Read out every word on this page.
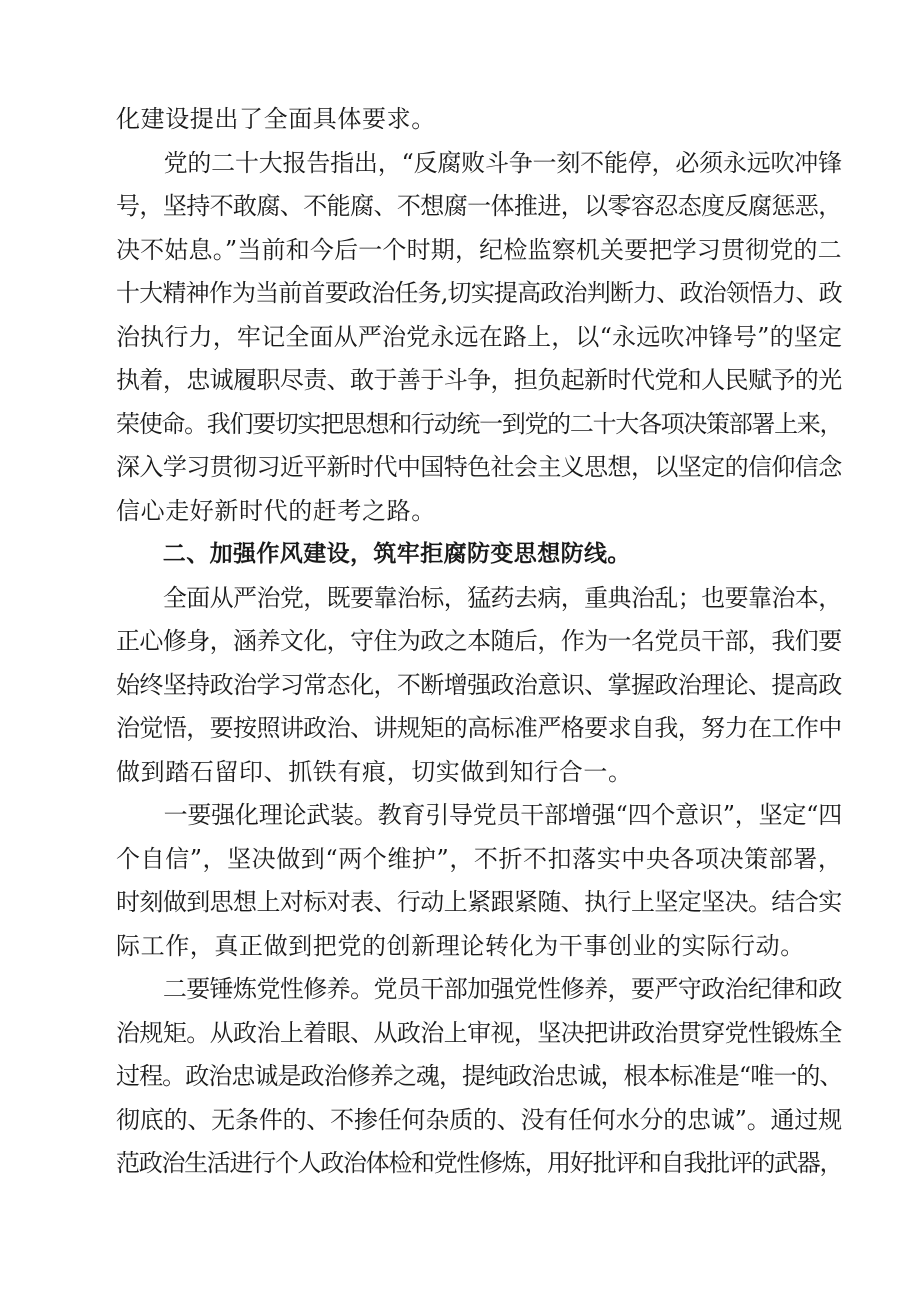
化建设提出了全面具体要求。
　　党的二十大报告指出，“反腐败斗争一刻不能停，必须永远吹冲锋
号，坚持不敢腐、不能腐、不想腐一体推进，以零容忍态度反腐惩恶，
决不姑息。”当前和今后一个时期，纪检监察机关要把学习贯彻党的二
十大精神作为当前首要政治任务,切实提高政治判断力、政治领悟力、政
治执行力，牢记全面从严治党永远在路上，以“永远吹冲锋号”的坚定
执着，忠诚履职尽责、敢于善于斗争，担负起新时代党和人民赋予的光
荣使命。我们要切实把思想和行动统一到党的二十大各项决策部署上来，
深入学习贯彻习近平新时代中国特色社会主义思想，以坚定的信仰信念
信心走好新时代的赶考之路。
　　二、加强作风建设，筑牢拒腐防变思想防线。
　　全面从严治党，既要靠治标，猛药去病，重典治乱；也要靠治本，
正心修身，涵养文化，守住为政之本随后，作为一名党员干部，我们要
始终坚持政治学习常态化，不断增强政治意识、掌握政治理论、提高政
治觉悟，要按照讲政治、讲规矩的高标准严格要求自我，努力在工作中
做到踏石留印、抓铁有痕，切实做到知行合一。
　　一要强化理论武装。教育引导党员干部增强“四个意识”，坚定“四
个自信”，坚决做到“两个维护”，不折不扣落实中央各项决策部署，
时刻做到思想上对标对表、行动上紧跟紧随、执行上坚定坚决。结合实
际工作，真正做到把党的创新理论转化为干事创业的实际行动。
　　二要锤炼党性修养。党员干部加强党性修养，要严守政治纪律和政
治规矩。从政治上着眼、从政治上审视，坚决把讲政治贯穿党性锻炼全
过程。政治忠诚是政治修养之魂，提纯政治忠诚，根本标准是“唯一的、
彻底的、无条件的、不掺任何杂质的、没有任何水分的忠诚”。通过规
范政治生活进行个人政治体检和党性修炼，用好批评和自我批评的武器，
